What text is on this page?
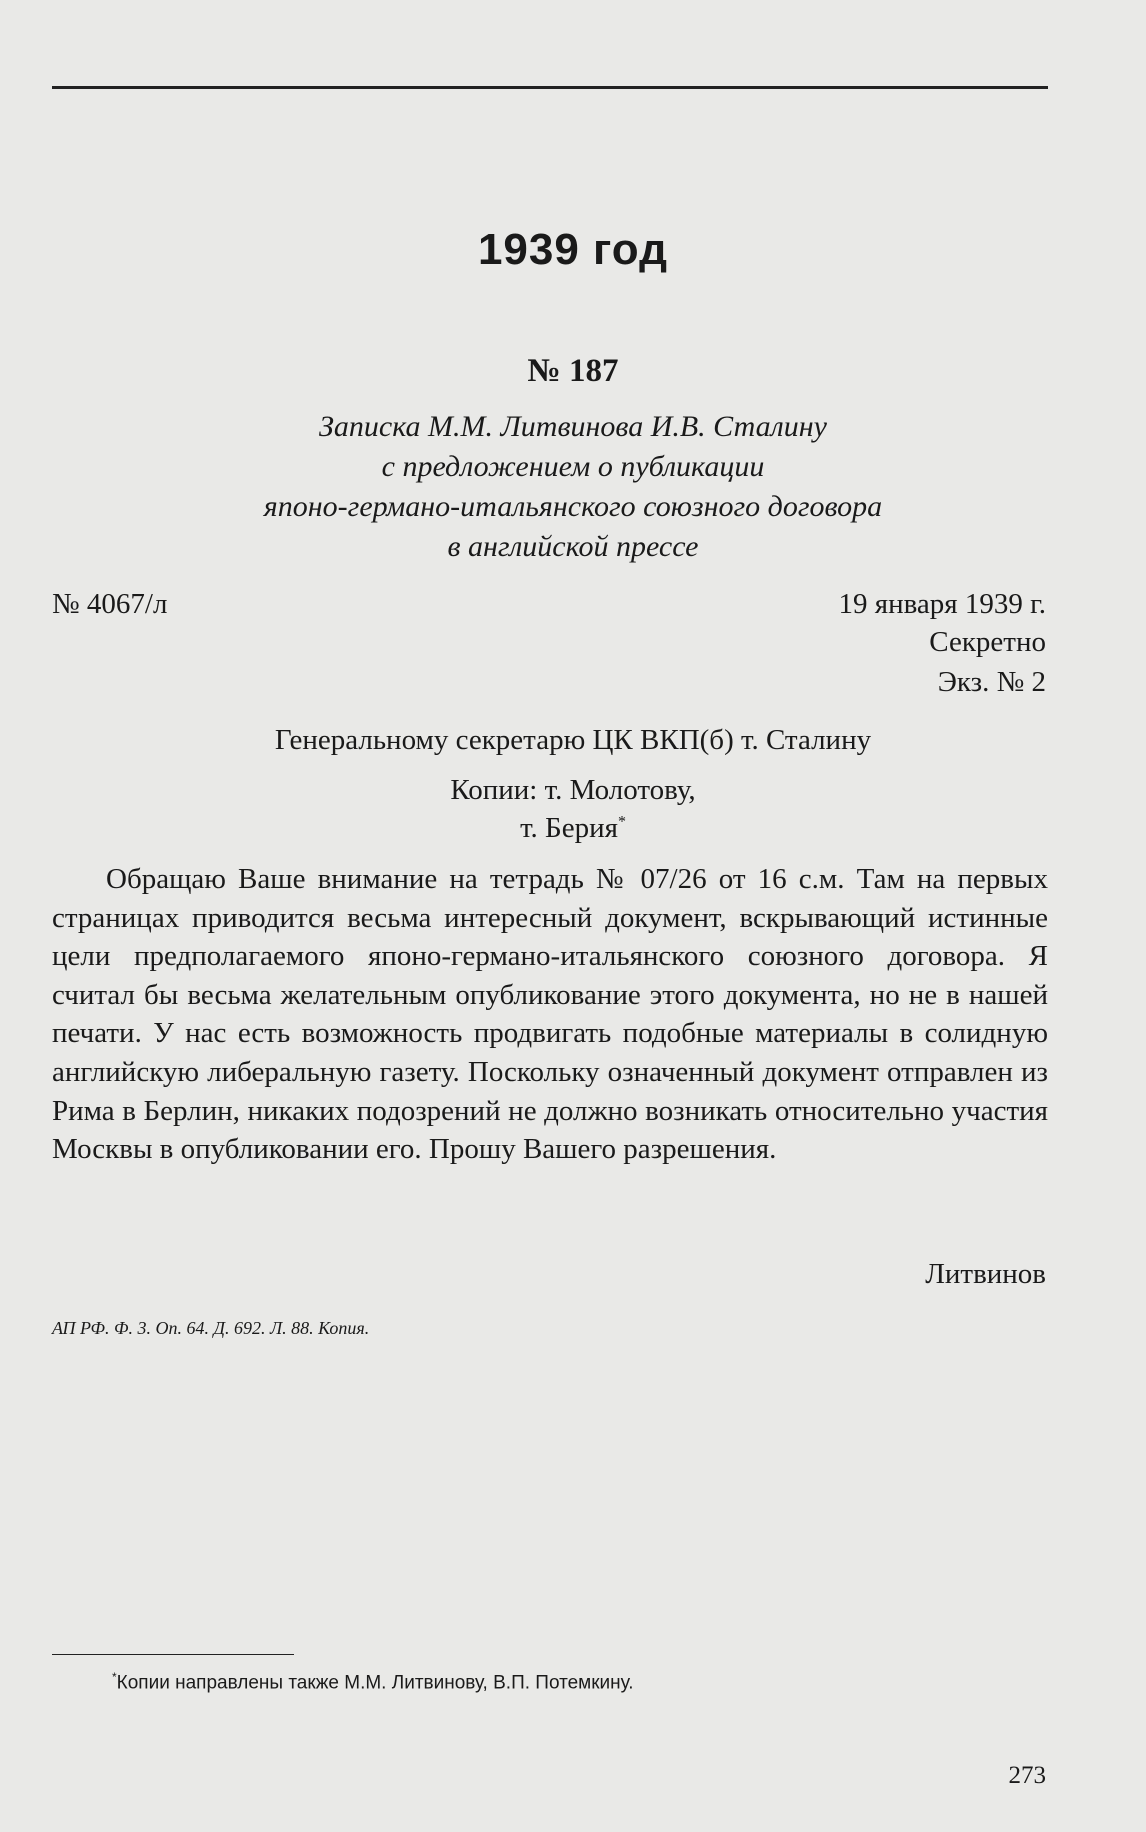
1939 год
№ 187
Записка М.М. Литвинова И.В. Сталину
с предложением о публикации
японо-германо-итальянского союзного договора
в английской прессе
№ 4067/л	19 января 1939 г.
Секретно
Экз. № 2
Генеральному секретарю ЦК ВКП(б) т. Сталину
Копии: т. Молотову,
т. Берия*

Обращаю Ваше внимание на тетрадь № 07/26 от 16 с.м. Там на первых страницах приводится весьма интересный документ, вскрывающий истинные цели предполагаемого японо-германо-итальянского союзного договора. Я считал бы весьма желательным опубликование этого документа, но не в нашей печати. У нас есть возможность продвигать подобные материалы в солидную английскую либеральную газету. Поскольку означенный документ отправлен из Рима в Берлин, никаких подозрений не должно возникать относительно участия Москвы в опубликовании его. Прошу Вашего разрешения.

Литвинов
АП РФ. Ф. 3. Оп. 64. Д. 692. Л. 88. Копия.
*Копии направлены также М.М. Литвинову, В.П. Потемкину.
273
